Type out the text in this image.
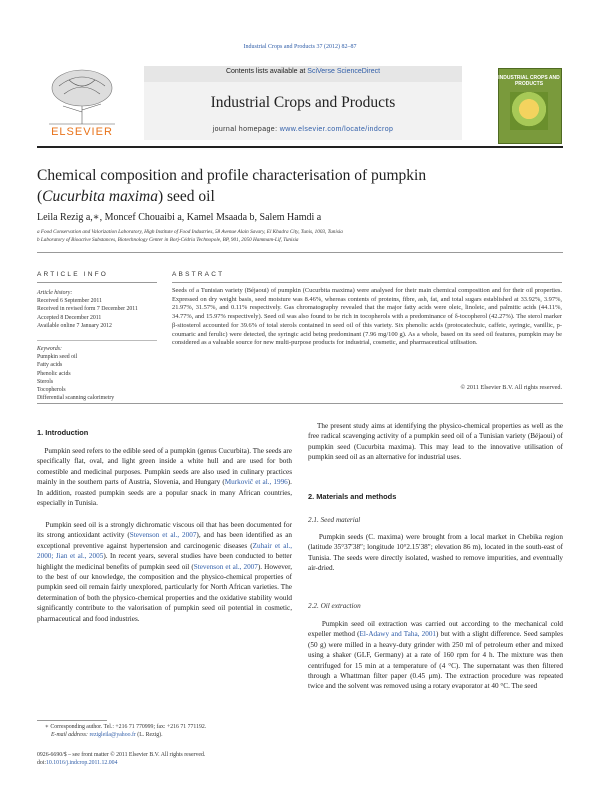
Industrial Crops and Products 37 (2012) 82–87
ELSEVIER
Contents lists available at SciVerse ScienceDirect
Industrial Crops and Products
journal homepage: www.elsevier.com/locate/indcrop
INDUSTRIAL CROPS AND PRODUCTS
Chemical composition and profile characterisation of pumpkin
(Cucurbita maxima) seed oil
Leila Rezig a,∗, Moncef Chouaibi a, Kamel Msaada b, Salem Hamdi a
a Food Conservation and Valorization Laboratory, High Institute of Food Industries, 58 Avenue Alain Savary, El Khadra City, Tunis, 1003, Tunisia
b Laboratory of Bioactive Substances, Biotechnology Center in Borj-Cédria Technopole, BP, 901, 2050 Hammam-Lif, Tunisia
ARTICLE INFO
Article history:
Received 6 September 2011
Received in revised form 7 December 2011
Accepted 8 December 2011
Available online 7 January 2012
Keywords:
Pumpkin seed oil
Fatty acids
Phenolic acids
Sterols
Tocopherols
Differential scanning calorimetry
ABSTRACT
Seeds of a Tunisian variety (Béjaoui) of pumpkin (Cucurbita maxima) were analysed for their main chemical composition and for their oil properties. Expressed on dry weight basis, seed moisture was 8.46%, whereas contents of proteins, fibre, ash, fat, and total sugars established at 33.92%, 3.97%, 21.97%, 31.57%, and 0.11% respectively. Gas chromatography revealed that the major fatty acids were oleic, linoleic, and palmitic acids (44.11%, 34.77%, and 15.97% respectively). Seed oil was also found to be rich in tocopherols with a predominance of δ-tocopherol (42.27%). The sterol marker β-sitosterol accounted for 39.6% of total sterols contained in seed oil of this variety. Six phenolic acids (protocatechuic, caffeic, syringic, vanillic, p-coumaric and ferulic) were detected, the syringic acid being predominant (7.96 mg/100 g). As a whole, based on its seed oil features, pumpkin may be considered as a valuable source for new multi-purpose products for industrial, cosmetic, and pharmaceutical utilisation.
© 2011 Elsevier B.V. All rights reserved.
1. Introduction
Pumpkin seed refers to the edible seed of a pumpkin (genus Cucurbita). The seeds are specifically flat, oval, and light green inside a white hull and are used for both comestible and medicinal purposes. Pumpkin seeds are also used in culinary practices mainly in the southern parts of Austria, Slovenia, and Hungary (Murkovič et al., 1996). In addition, roasted pumpkin seeds are a popular snack in many African countries, especially in Tunisia.
Pumpkin seed oil is a strongly dichromatic viscous oil that has been documented for its strong antioxidant activity (Stevenson et al., 2007), and has been identified as an exceptional preventive against hypertension and carcinogenic diseases (Zuhair et al., 2000; Jian et al., 2005). In recent years, several studies have been conducted to better highlight the medicinal benefits of pumpkin seed oil (Stevenson et al., 2007). However, to the best of our knowledge, the composition and the physico-chemical properties of pumpkin seed oil remain fairly unexplored, particularly for North African varieties. The determination of both the physico-chemical properties and the oxidative stability would significantly contribute to the valorisation of pumpkin seed oil potential in cosmetic, pharmaceutical and food industries.
∗ Corresponding author. Tel.: +216 71 770999; fax: +216 71 771192.
E-mail address: rezigleila@yahoo.fr (L. Rezig).
0926-6690/$ – see front matter © 2011 Elsevier B.V. All rights reserved.
doi:10.1016/j.indcrop.2011.12.004
The present study aims at identifying the physico-chemical properties as well as the free radical scavenging activity of a pumpkin seed oil of a Tunisian variety (Béjaoui) of pumpkin seed (Cucurbita maxima). This may lead to the innovative utilisation of pumpkin seed oil as an alternative for industrial uses.
2. Materials and methods
2.1. Seed material
Pumpkin seeds (C. maxima) were brought from a local market in Chebika region (latitude 35°37′38″; longitude 10°2.15′38″; elevation 86 m), located in the south-east of Tunisia. The seeds were directly isolated, washed to remove impurities, and eventually air-dried.
2.2. Oil extraction
Pumpkin seed oil extraction was carried out according to the mechanical cold expeller method (El-Adawy and Taha, 2001) but with a slight difference. Seed samples (50 g) were milled in a heavy-duty grinder with 250 ml of petroleum ether and mixed using a shaker (GLF, Germany) at a rate of 160 rpm for 4 h. The mixture was then centrifuged for 15 min at a temperature of (4 °C). The supernatant was then filtered through a Whattman filter paper (0.45 μm). The extraction procedure was repeated twice and the solvent was removed using a rotary evaporator at 40 °C. The seed
